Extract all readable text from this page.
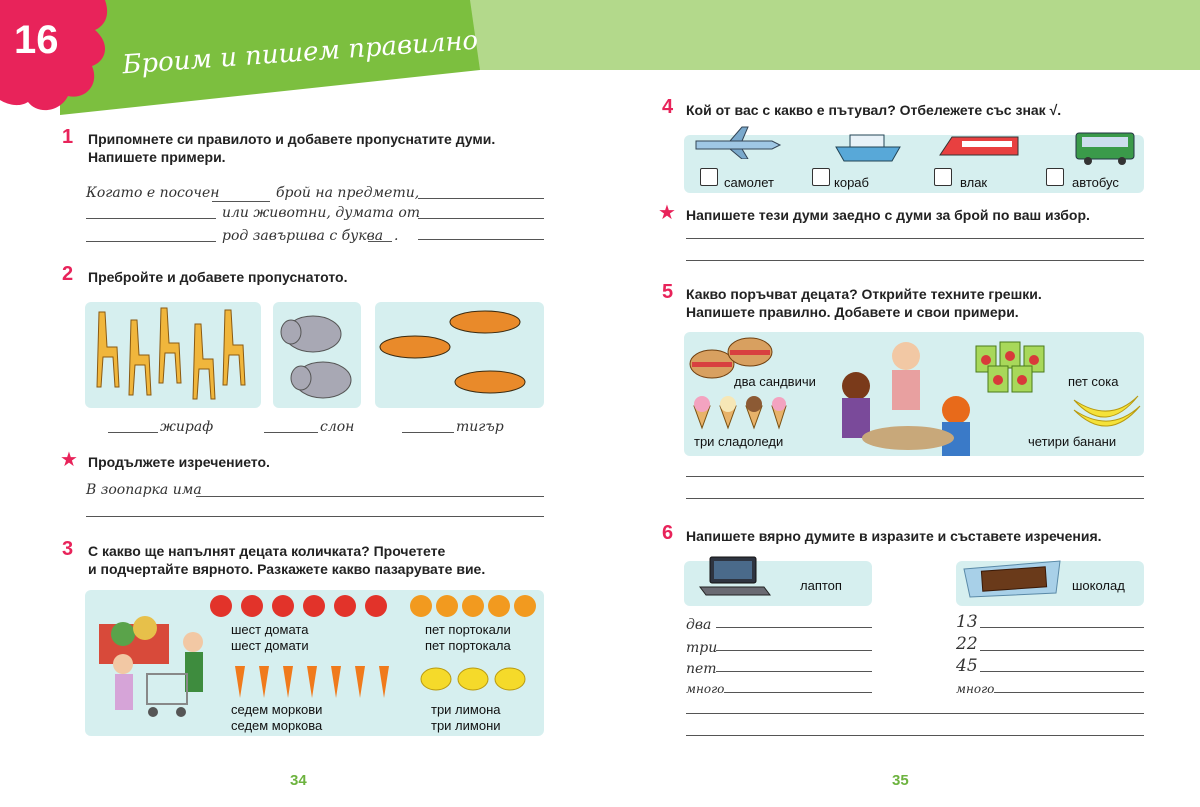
16 Броим и пишем правилно
1 Припомнете си правилото и добавете пропуснатите думи.
Напишете примери.
Когато е посочен	брой на предмети,
или животни, думата от
род завършва с буква .
2 Пребройте и добавете пропуснатото.
жираф	слон	тигър
★ Продължете изречението.
В зоопарка има
3 С какво ще напълнят децата количката? Прочетете
и подчертайте вярното. Разкажете какво пазарувате вие.
шест домата
шест домати
пет портокали
пет портокала
седем моркови
седем моркова
три лимона
три лимони
34
4 Кой от вас с какво е пътувал? Отбележете със знак √.
самолет	кораб	влак	автобус
★ Напишете тези думи заедно с думи за брой по ваш избор.
5 Какво поръчват децата? Открийте техните грешки.
Напишете правилно. Добавете и свои примери.
два сандвичи
три сладоледи
пет сока
четири банани
6 Напишете вярно думите в изразите и съставете изречения.
лаптоп	шоколад
два
три
пет
много
13
22
45
много
35
